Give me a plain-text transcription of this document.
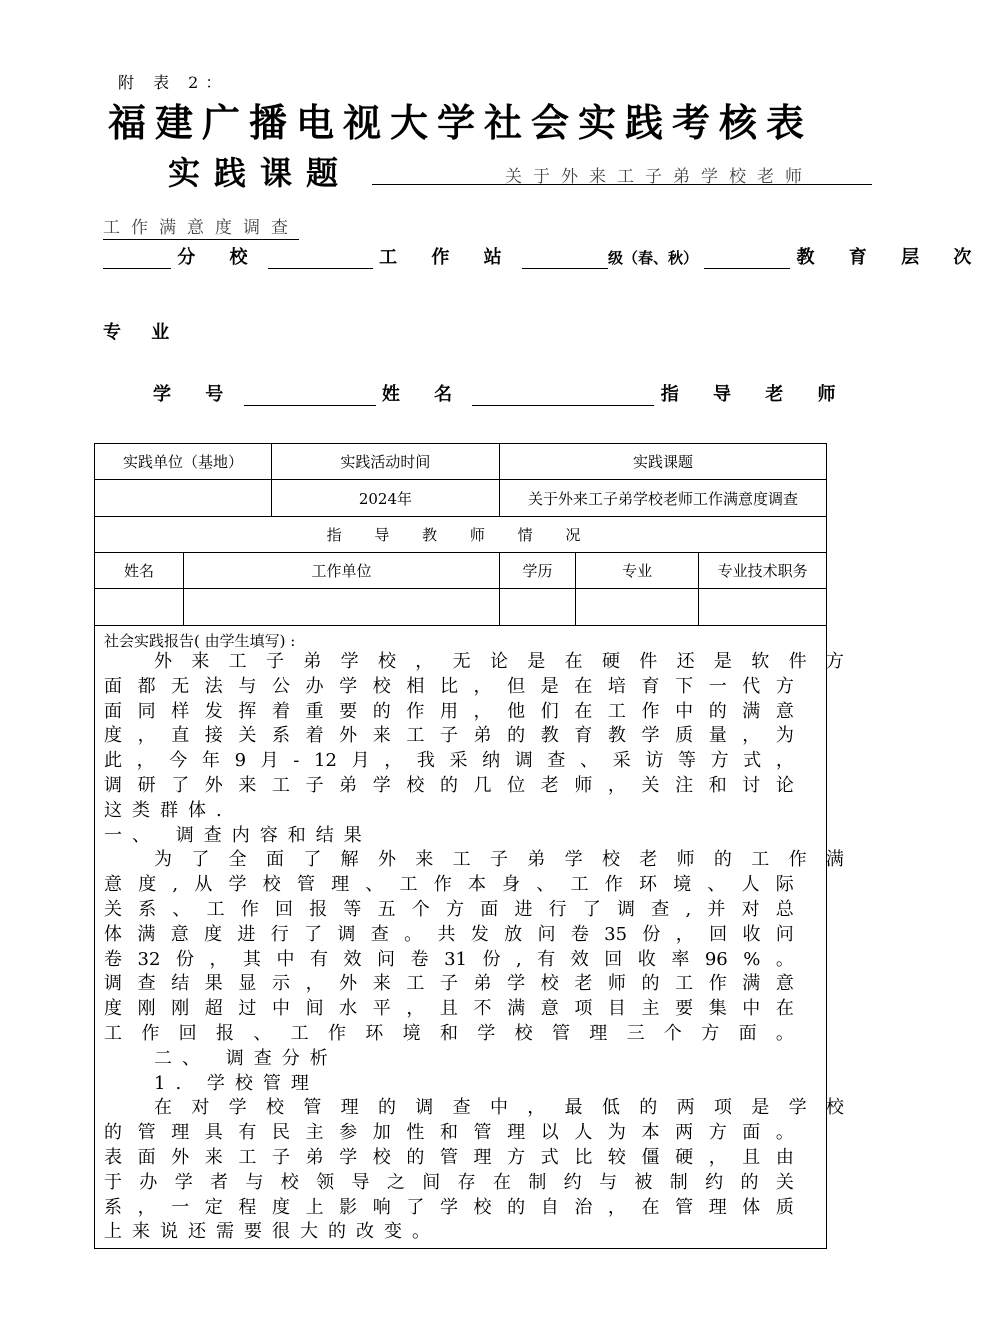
附 表 2：
福建广播电视大学社会实践考核表
实践课题	关于外来工子弟学校老师
工作满意度调查
分 校	工 作 站	级（春、秋）	教 育 层 次
专 业
学 号	姓 名	指 导 老 师
实践单位（基地）		实践活动时间	实践课题		
		2024年	关于外来工子弟学校老师工作满意度调查		
指 导 教 师 情 况					
姓名	工作单位		学历	专业	专业技术职务

社会实践报告( 由学生填写) :
外 来 工 子 弟 学 校 ， 无 论 是 在 硬 件 还 是 软 件 方
面 都 无 法 与 公 办 学 校 相 比 ， 但 是 在 培 育 下 一 代 方
面 同 样 发 挥 着 重 要 的 作 用 ， 他 们 在 工 作 中 的 满 意
度 ， 直 接 关 系 着 外 来 工 子 弟 的 教 育 教 学 质 量 ， 为
此 ， 今 年 9 月 - 12 月 ， 我 采 纳 调 查 、 采 访 等 方 式 ，
调 研 了 外 来 工 子 弟 学 校 的 几 位 老 师 ， 关 注 和 讨 论
这类群体.
一、 调查内容和结果
为 了 全 面 了 解 外 来 工 子 弟 学 校 老 师 的 工 作 满
意 度 , 从 学 校 管 理 、 工 作 本 身 、 工 作 环 境 、 人 际
关 系 、 工 作 回 报 等 五 个 方 面 进 行 了 调 查 , 并 对 总
体 满 意 度 进 行 了 调 查 。 共 发 放 问 卷 35 份 ， 回 收 问
卷 32 份 ， 其 中 有 效 问 卷 31 份 , 有 效 回 收 率 96 % 。
调 查 结 果 显 示 ， 外 来 工 子 弟 学 校 老 师 的 工 作 满 意
度 刚 刚 超 过 中 间 水 平 ， 且 不 满 意 项 目 主 要 集 中 在
工 作 回 报 、 工 作 环 境 和 学 校 管 理 三 个 方 面 。
二、 调查分析
1. 学校管理
在 对 学 校 管 理 的 调 查 中 ， 最 低 的 两 项 是 学 校
的 管 理 具 有 民 主 参 加 性 和 管 理 以 人 为 本 两 方 面 。
表 面 外 来 工 子 弟 学 校 的 管 理 方 式 比 较 僵 硬 ， 且 由
于 办 学 者 与 校 领 导 之 间 存 在 制 约 与 被 制 约 的 关
系 ， 一 定 程 度 上 影 响 了 学 校 的 自 治 ， 在 管 理 体 质
上来说还需要很大的改变。
